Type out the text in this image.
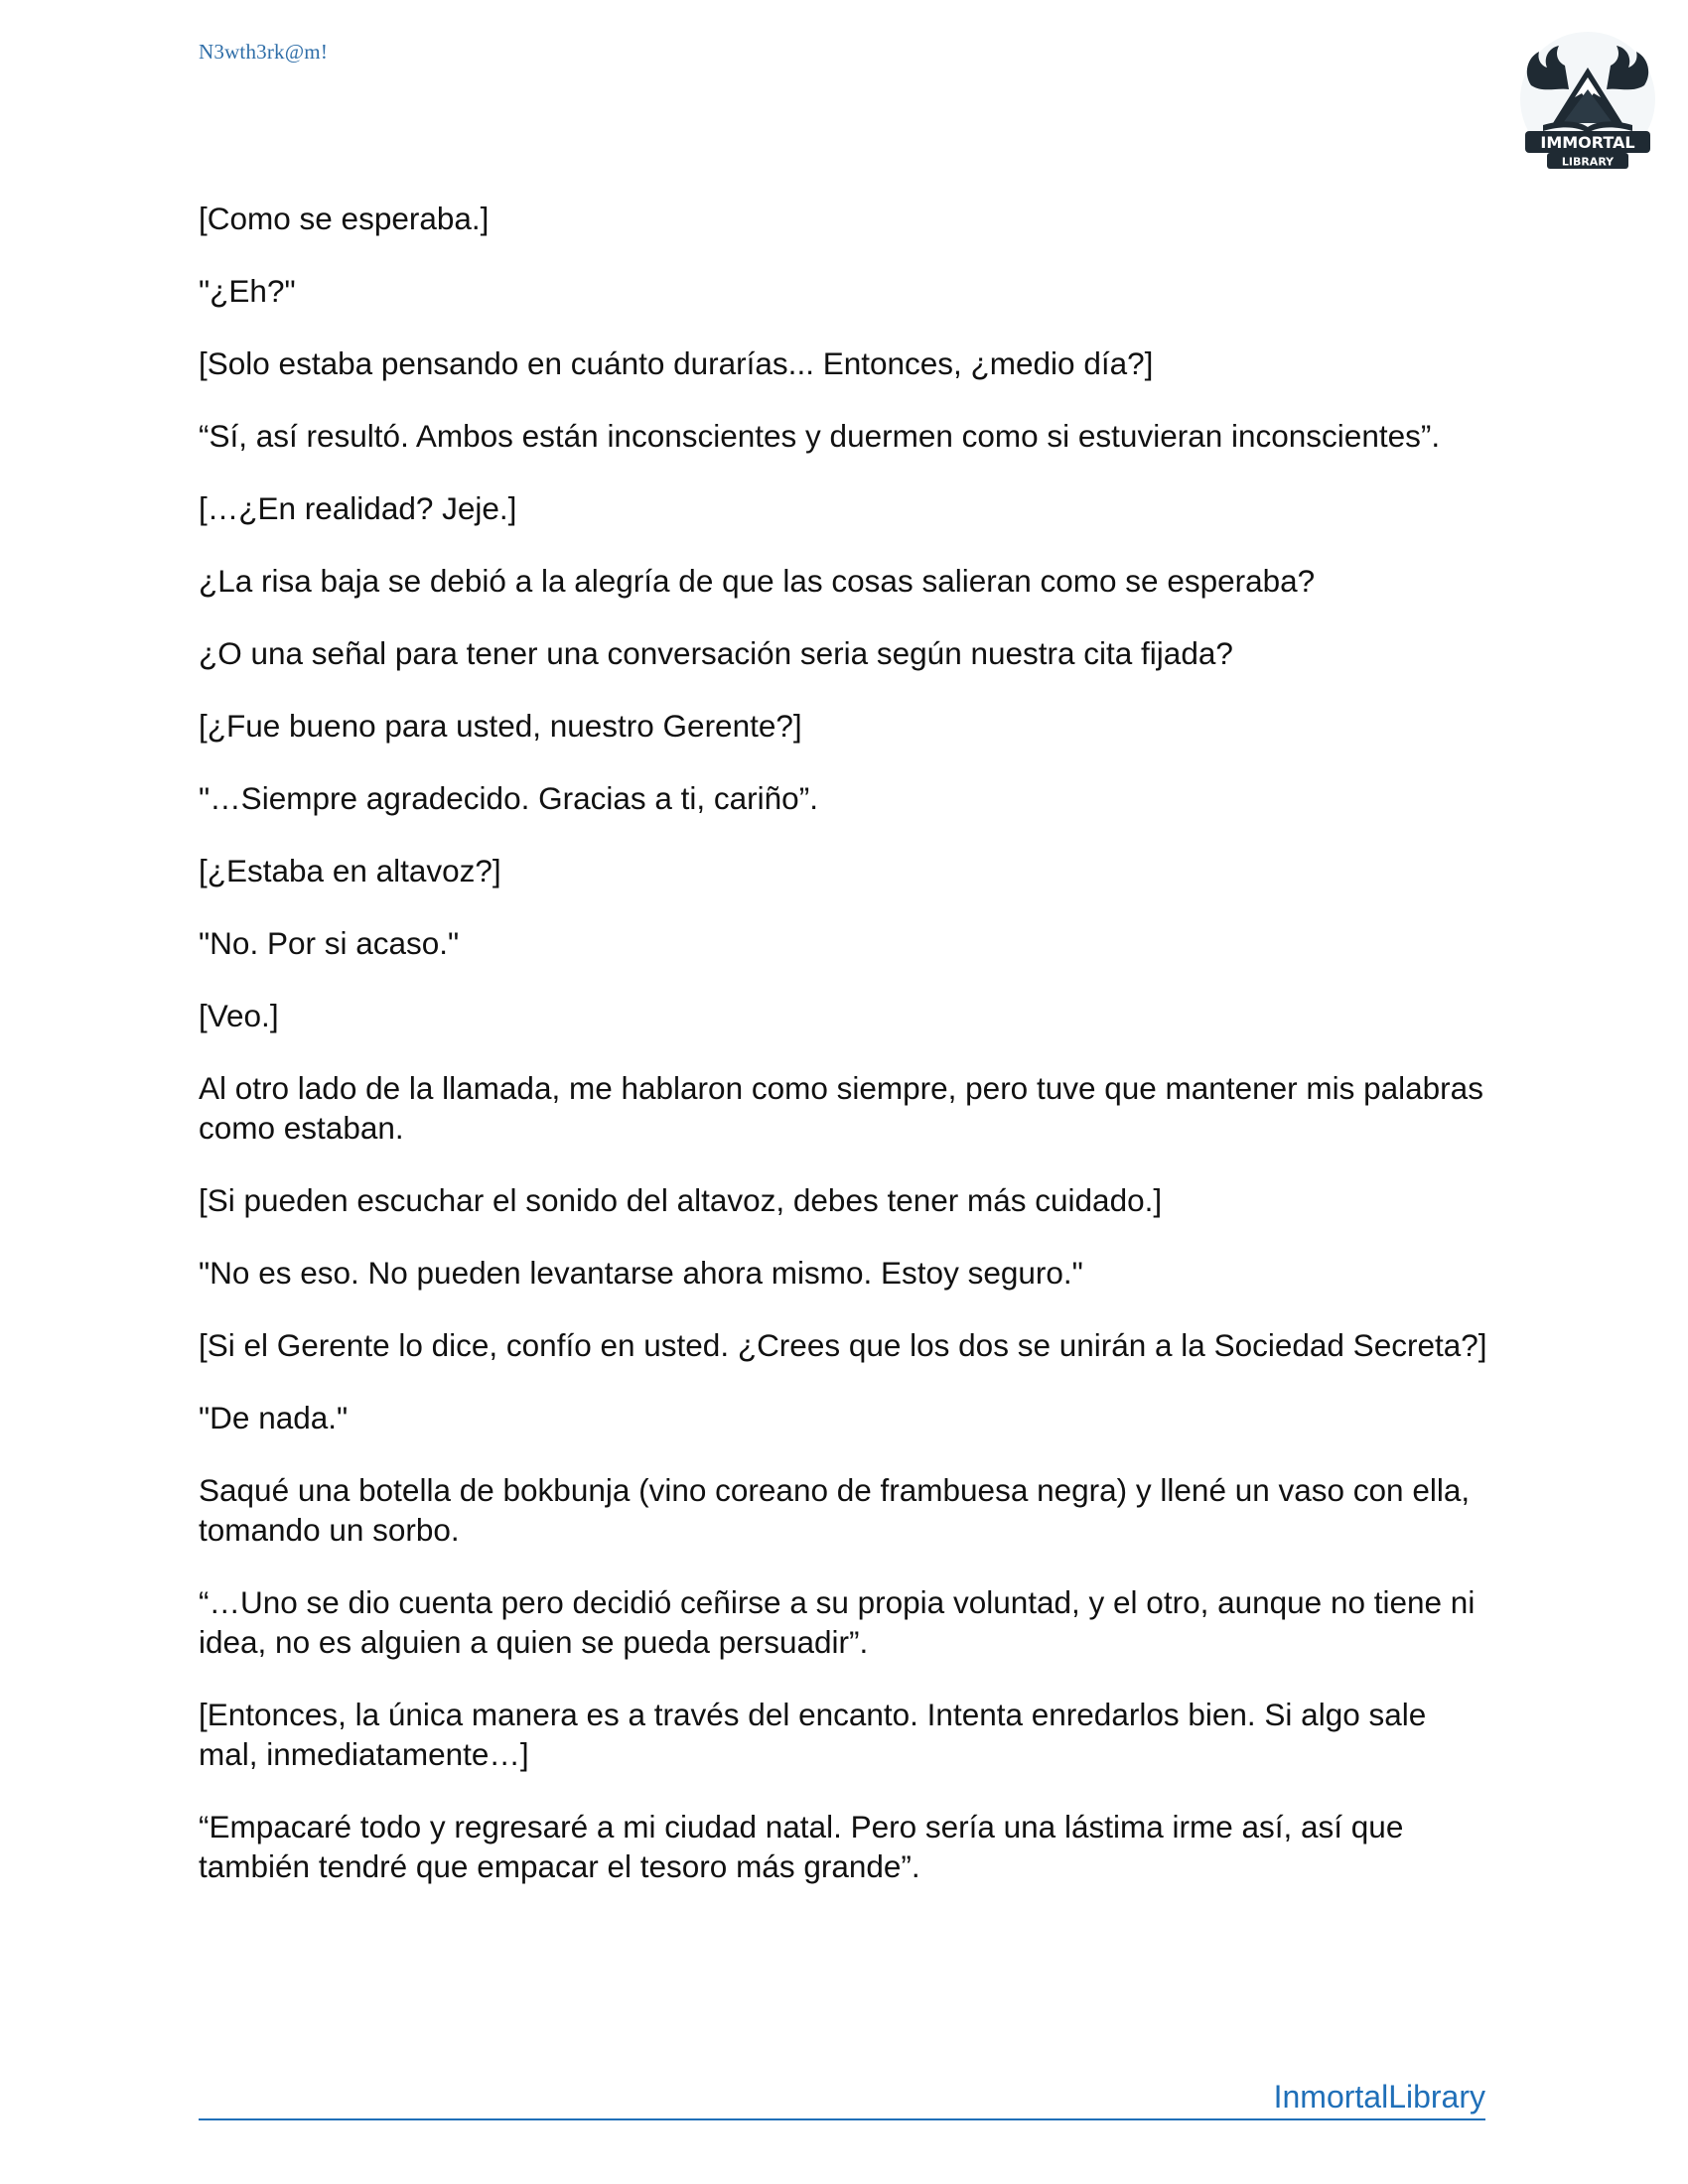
N3wth3rk@m!
IMMORTAL
LIBRARY

[Como se esperaba.]

"¿Eh?"

[Solo estaba pensando en cuánto durarías... Entonces, ¿medio día?]

“Sí, así resultó. Ambos están inconscientes y duermen como si estuvieran inconscientes”.

[…¿En realidad? Jeje.]

¿La risa baja se debió a la alegría de que las cosas salieran como se esperaba?

¿O una señal para tener una conversación seria según nuestra cita fijada?

[¿Fue bueno para usted, nuestro Gerente?]

"…Siempre agradecido. Gracias a ti, cariño”.

[¿Estaba en altavoz?]

"No. Por si acaso."

[Veo.]

Al otro lado de la llamada, me hablaron como siempre, pero tuve que mantener mis palabras como estaban.

[Si pueden escuchar el sonido del altavoz, debes tener más cuidado.]

"No es eso. No pueden levantarse ahora mismo. Estoy seguro."

[Si el Gerente lo dice, confío en usted. ¿Crees que los dos se unirán a la Sociedad Secreta?]

"De nada."

Saqué una botella de bokbunja (vino coreano de frambuesa negra) y llené un vaso con ella, tomando un sorbo.

“…Uno se dio cuenta pero decidió ceñirse a su propia voluntad, y el otro, aunque no tiene ni idea, no es alguien a quien se pueda persuadir”.

[Entonces, la única manera es a través del encanto. Intenta enredarlos bien. Si algo sale mal, inmediatamente…]

“Empacaré todo y regresaré a mi ciudad natal. Pero sería una lástima irme así, así que también tendré que empacar el tesoro más grande”.

InmortalLibrary
